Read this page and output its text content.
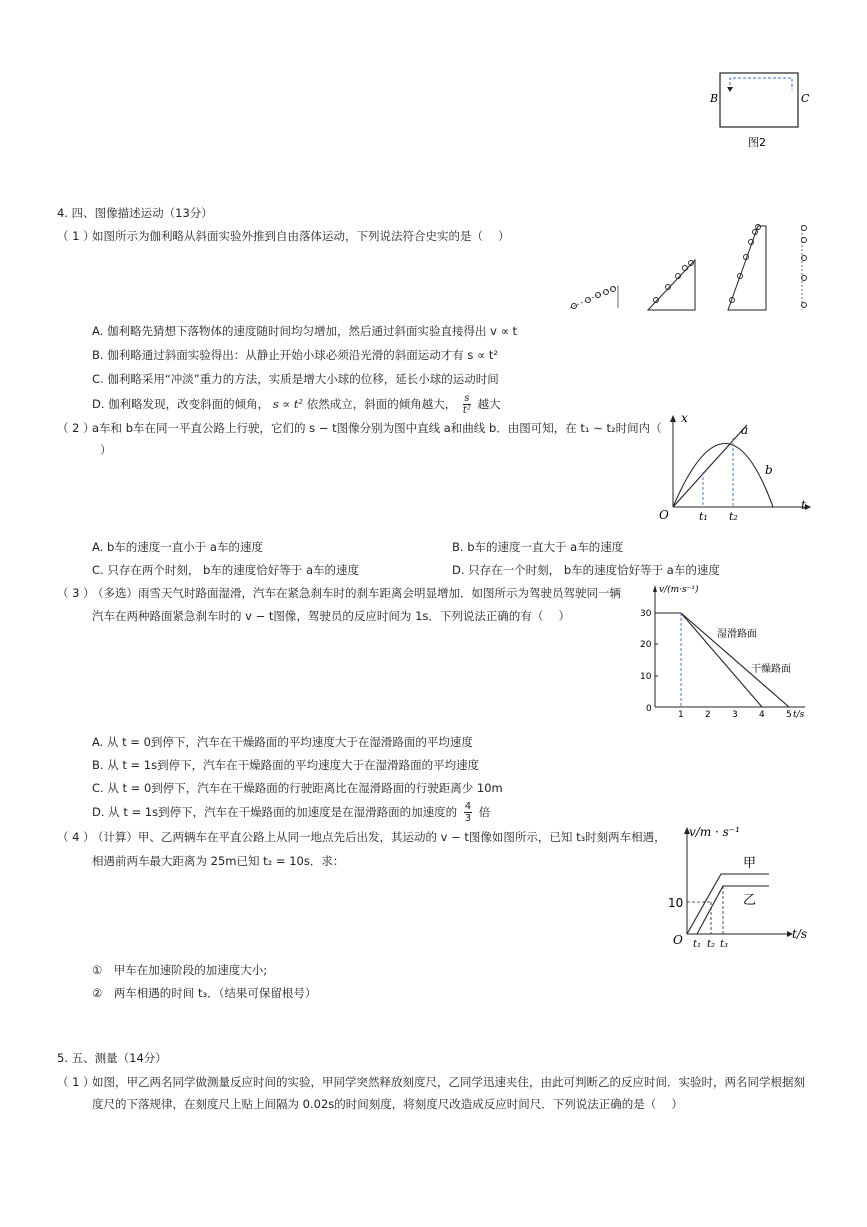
B	C
图2
4. 四、图像描述运动（13分）
（ 1 ）
如图所示为伽利略从斜面实验外推到自由落体运动，下列说法符合史实的是（　 ）
A. 伽利略先猜想下落物体的速度随时间均匀增加，然后通过斜面实验直接得出 v ∝ t
B. 伽利略通过斜面实验得出：从静止开始小球必须沿光滑的斜面运动才有 s ∝ t²
C. 伽利略采用“冲淡”重力的方法，实质是增大小球的位移，延长小球的运动时间
D. 伽利略发现，改变斜面的倾角， s ∝ t² 依然成立，斜面的倾角越大， $\frac{s}{\text{t²}}$ 越大
（ 2 ）
a车和 b车在同一平直公路上行驶，它们的 s − t图像分别为图中直线 a和曲线 b．由图可知，在 t₁ ∼ t₂时间内（
）
x
t
O
a
b
t₁ t₂
A. b车的速度一直小于 a车的速度	B. b车的速度一直大于 a车的速度
C. 只存在两个时刻， b车的速度恰好等于 a车的速度	D. 只存在一个时刻， b车的速度恰好等于 a车的速度
（ 3 ）
（多选）雨雪天气时路面湿滑，汽车在紧急刹车时的刹车距离会明显增加．如图所示为驾驶员驾驶同一辆
汽车在两种路面紧急刹车时的 v − t图像，驾驶员的反应时间为 1s．下列说法正确的有（　 ）	30
20
10
0
1 2 3 4 5
v/(m·s⁻¹)
t/s
湿滑路面
干燥路面
A. 从 t = 0到停下，汽车在干燥路面的平均速度大于在湿滑路面的平均速度
B. 从 t = 1s到停下，汽车在干燥路面的平均速度大于在湿滑路面的平均速度
C. 从 t = 0到停下，汽车在干燥路面的行驶距离比在湿滑路面的行驶距离少 10m
D. 从 t = 1s到停下，汽车在干燥路面的加速度是在湿滑路面的加速度的 $\frac{4}{3}$ 倍
（ 4 ）
（计算）甲、乙两辆车在平直公路上从同一地点先后出发，其运动的 v − t图像如图所示，已知 t₃时刻两车相遇，
相遇前两车最大距离为 25m已知 t₂ = 10s．求：
v/m · s⁻¹
t/s
O
10
甲
乙
t₁ t₂ t₃
①　甲车在加速阶段的加速度大小;
②　两车相遇的时间 t₃．（结果可保留根号）
5. 五、测量（14分）
（ 1 ）
如图，甲乙两名同学做测量反应时间的实验，甲同学突然释放刻度尺，乙同学迅速夹住，由此可判断乙的反应时间．实验时，两名同学根据刻
度尺的下落规律，在刻度尺上贴上间隔为 0.02s的时间刻度，将刻度尺改造成反应时间尺．下列说法正确的是（　 ）
